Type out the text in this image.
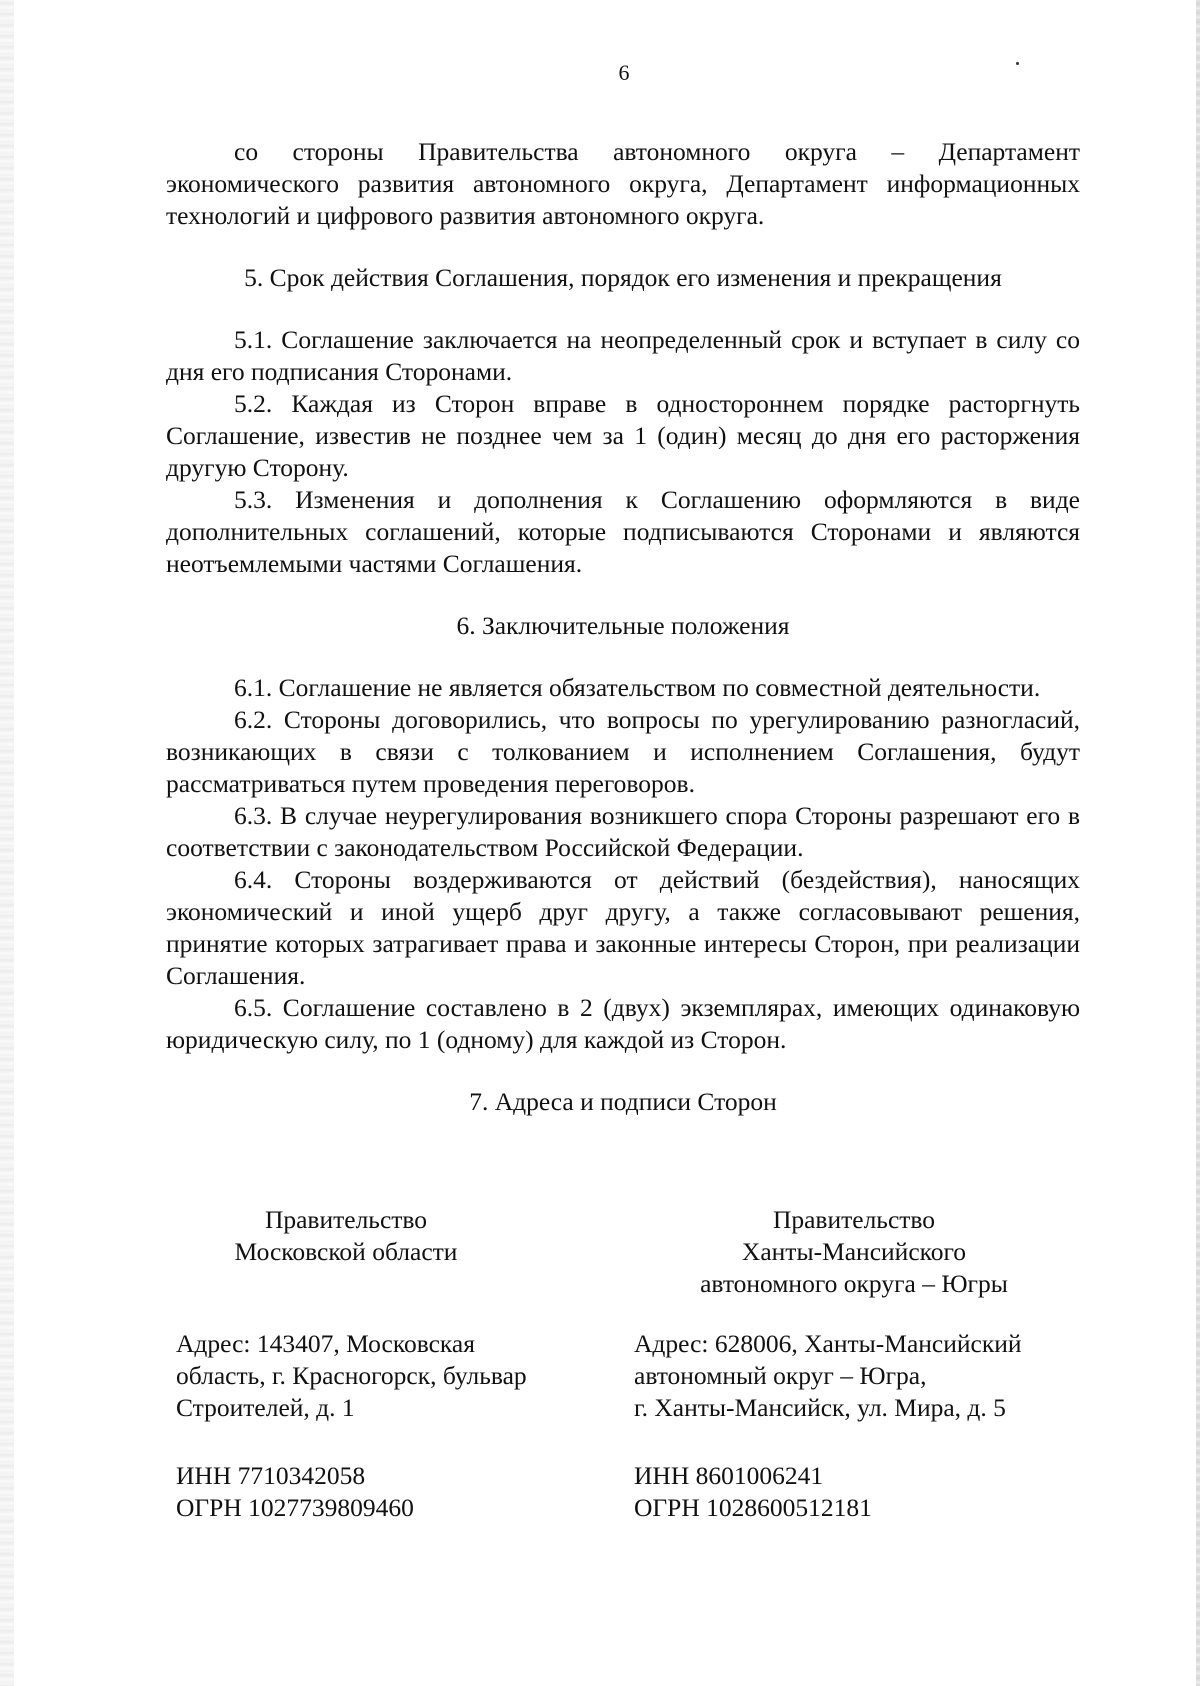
6

со стороны Правительства автономного округа – Департамент экономического развития автономного округа, Департамент информационных технологий и цифрового развития автономного округа.

5. Срок действия Соглашения, порядок его изменения и прекращения

5.1. Соглашение заключается на неопределенный срок и вступает в силу со дня его подписания Сторонами.

5.2. Каждая из Сторон вправе в одностороннем порядке расторгнуть Соглашение, известив не позднее чем за 1 (один) месяц до дня его расторжения другую Сторону.

5.3. Изменения и дополнения к Соглашению оформляются в виде дополнительных соглашений, которые подписываются Сторонами и являются неотъемлемыми частями Соглашения.

6. Заключительные положения

6.1. Соглашение не является обязательством по совместной деятельности.

6.2. Стороны договорились, что вопросы по урегулированию разногласий, возникающих в связи с толкованием и исполнением Соглашения, будут рассматриваться путем проведения переговоров.

6.3. В случае неурегулирования возникшего спора Стороны разрешают его в соответствии с законодательством Российской Федерации.

6.4. Стороны воздерживаются от действий (бездействия), наносящих экономический и иной ущерб друг другу, а также согласовывают решения, принятие которых затрагивает права и законные интересы Сторон, при реализации Соглашения.

6.5. Соглашение составлено в 2 (двух) экземплярах, имеющих одинаковую юридическую силу, по 1 (одному) для каждой из Сторон.

7. Адреса и подписи Сторон

Правительство
Московской области
Адрес: 143407, Московская
область, г. Красногорск, бульвар
Строителей, д. 1
ИНН 7710342058
ОГРН 1027739809460
Правительство
Ханты-Мансийского
автономного округа – Югры
Адрес: 628006, Ханты-Мансийский
автономный округ – Югра,
г. Ханты-Мансийск, ул. Мира, д. 5
ИНН 8601006241
ОГРН 1028600512181
